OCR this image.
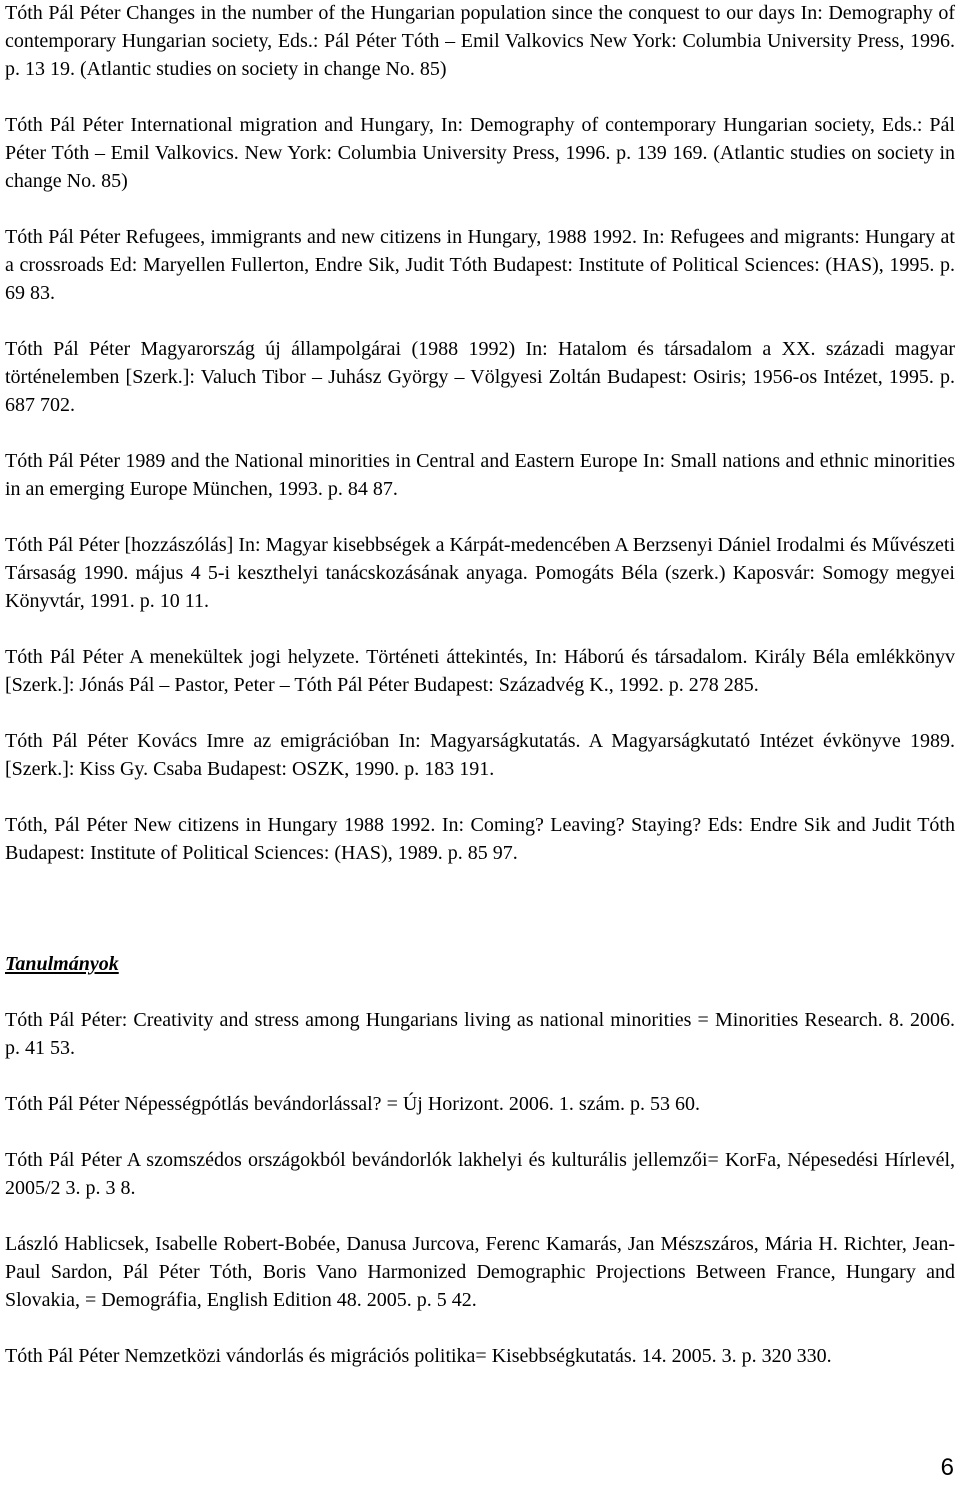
Tóth Pál Péter Changes in the number of the Hungarian population since the conquest to our days In: Demography of contemporary Hungarian society, Eds.: Pál Péter Tóth – Emil Valkovics New York: Columbia University Press, 1996. p. 13 19. (Atlantic studies on society in change No. 85)

Tóth Pál Péter International migration and Hungary, In: Demography of contemporary Hungarian society, Eds.: Pál Péter Tóth – Emil Valkovics. New York: Columbia University Press, 1996. p. 139 169. (Atlantic studies on society in change No. 85)

Tóth Pál Péter Refugees, immigrants and new citizens in Hungary, 1988 1992. In: Refugees and migrants: Hungary at a crossroads Ed: Maryellen Fullerton, Endre Sik, Judit Tóth Budapest: Institute of Political Sciences: (HAS), 1995. p. 69 83.

Tóth Pál Péter Magyarország új állampolgárai (1988 1992) In: Hatalom és társadalom a XX. századi magyar történelemben [Szerk.]: Valuch Tibor – Juhász György – Völgyesi Zoltán Budapest: Osiris; 1956-os Intézet, 1995. p. 687 702.

Tóth Pál Péter 1989 and the National minorities in Central and Eastern Europe In: Small nations and ethnic minorities in an emerging Europe München, 1993. p. 84 87.

Tóth Pál Péter [hozzászólás] In: Magyar kisebbségek a Kárpát-medencében A Berzsenyi Dániel Irodalmi és Művészeti Társaság 1990. május 4 5-i keszthelyi tanácskozásának anyaga. Pomogáts Béla (szerk.) Kaposvár: Somogy megyei Könyvtár, 1991. p. 10 11.

Tóth Pál Péter A menekültek jogi helyzete. Történeti áttekintés, In: Háború és társadalom. Király Béla emlékkönyv [Szerk.]: Jónás Pál – Pastor, Peter – Tóth Pál Péter Budapest: Századvég K., 1992. p. 278 285.

Tóth Pál Péter Kovács Imre az emigrációban In: Magyarságkutatás. A Magyarságkutató Intézet évkönyve 1989. [Szerk.]: Kiss Gy. Csaba Budapest: OSZK, 1990. p. 183 191.

Tóth, Pál Péter New citizens in Hungary 1988 1992. In: Coming? Leaving? Staying? Eds: Endre Sik and Judit Tóth Budapest: Institute of Political Sciences: (HAS), 1989. p. 85 97.

Tanulmányok

Tóth Pál Péter: Creativity and stress among Hungarians living as national minorities = Minorities Research. 8. 2006. p. 41 53.

Tóth Pál Péter Népességpótlás bevándorlással? = Új Horizont. 2006. 1. szám. p. 53 60.

Tóth Pál Péter A szomszédos országokból bevándorlók lakhelyi és kulturális jellemzői= KorFa, Népesedési Hírlevél, 2005/2 3. p. 3 8.

László Hablicsek, Isabelle Robert-Bobée, Danusa Jurcova, Ferenc Kamarás, Jan Mészszáros, Mária H. Richter, Jean-Paul Sardon, Pál Péter Tóth, Boris Vano Harmonized Demographic Projections Between France, Hungary and Slovakia, = Demográfia, English Edition 48. 2005. p. 5 42.

Tóth Pál Péter Nemzetközi vándorlás és migrációs politika= Kisebbségkutatás. 14. 2005. 3. p. 320 330.

6
